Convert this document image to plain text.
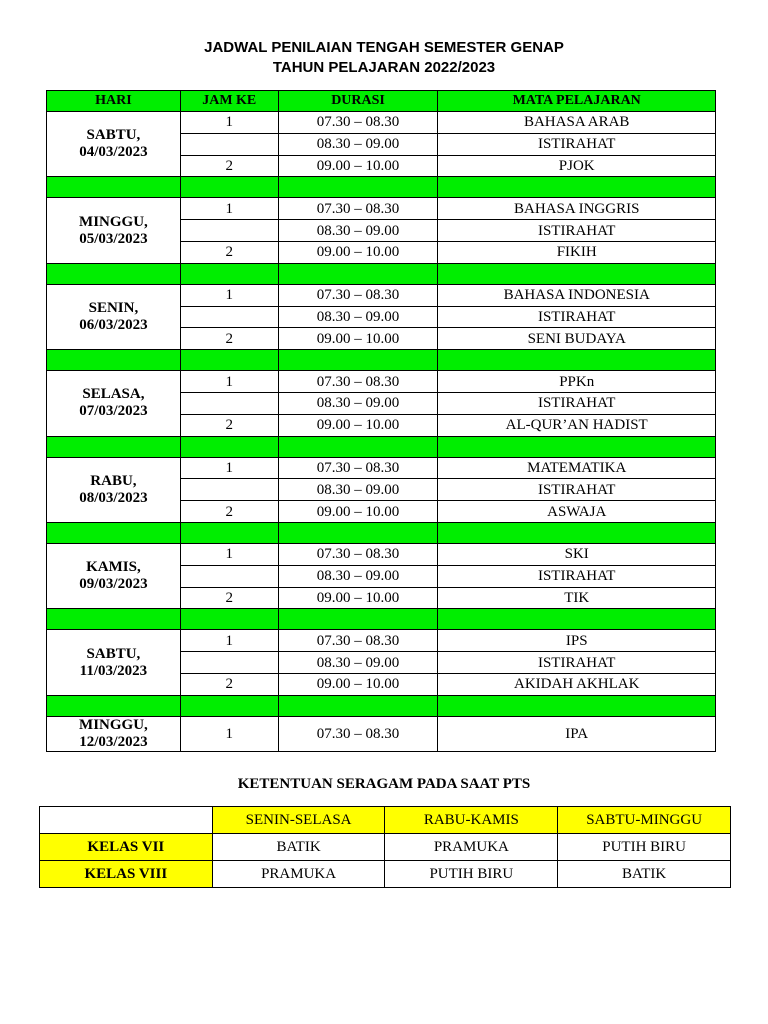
JADWAL PENILAIAN TENGAH SEMESTER GENAP
TAHUN PELAJARAN 2022/2023
HARI	JAM KE	DURASI	MATA PELAJARAN

SABTU,
04/03/2023	1	07.30 – 08.30	BAHASA ARAB
		08.30 – 09.00	ISTIRAHAT
	2	09.00 – 10.00	PJOK

MINGGU,
05/03/2023	1	07.30 – 08.30	BAHASA INGGRIS
		08.30 – 09.00	ISTIRAHAT
	2	09.00 – 10.00	FIKIH

SENIN,
06/03/2023	1	07.30 – 08.30	BAHASA INDONESIA
		08.30 – 09.00	ISTIRAHAT
	2	09.00 – 10.00	SENI BUDAYA

SELASA,
07/03/2023	1	07.30 – 08.30	PPKn
		08.30 – 09.00	ISTIRAHAT
	2	09.00 – 10.00	AL-QUR’AN HADIST

RABU,
08/03/2023	1	07.30 – 08.30	MATEMATIKA
		08.30 – 09.00	ISTIRAHAT
	2	09.00 – 10.00	ASWAJA

KAMIS,
09/03/2023	1	07.30 – 08.30	SKI
		08.30 – 09.00	ISTIRAHAT
	2	09.00 – 10.00	TIK

SABTU,
11/03/2023	1	07.30 – 08.30	IPS
		08.30 – 09.00	ISTIRAHAT
	2	09.00 – 10.00	AKIDAH AKHLAK

MINGGU,
12/03/2023	1	07.30 – 08.30	IPA
KETENTUAN SERAGAM PADA SAAT PTS
	SENIN-SELASA	RABU-KAMIS	SABTU-MINGGU
KELAS VII	BATIK	PRAMUKA	PUTIH BIRU
KELAS VIII	PRAMUKA	PUTIH BIRU	BATIK
